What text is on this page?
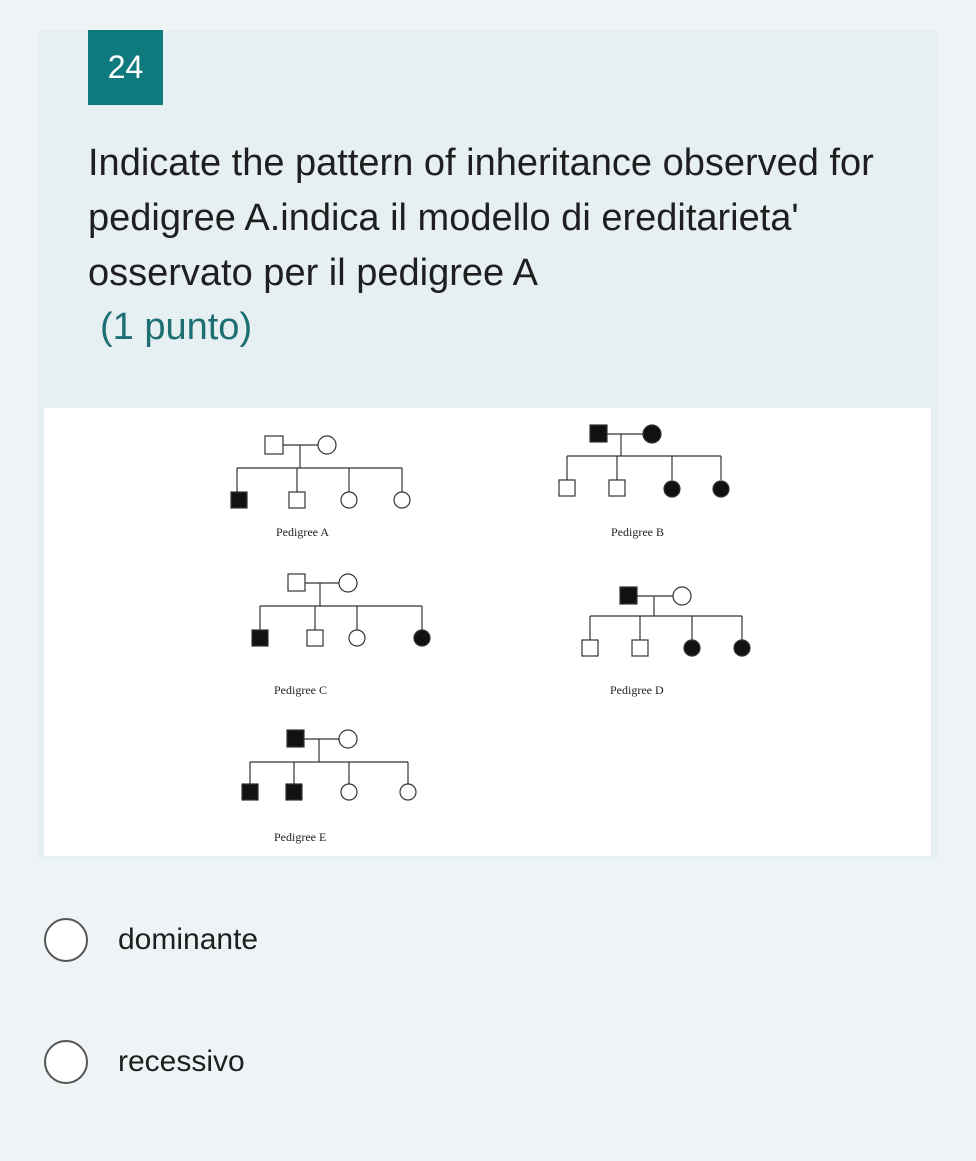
24
Indicate the pattern of inheritance observed for pedigree A.indica il modello di ereditarieta' osservato per il pedigree A
(1 punto)
Pedigree A	Pedigree B
Pedigree C	Pedigree D
Pedigree E
dominante
recessivo
